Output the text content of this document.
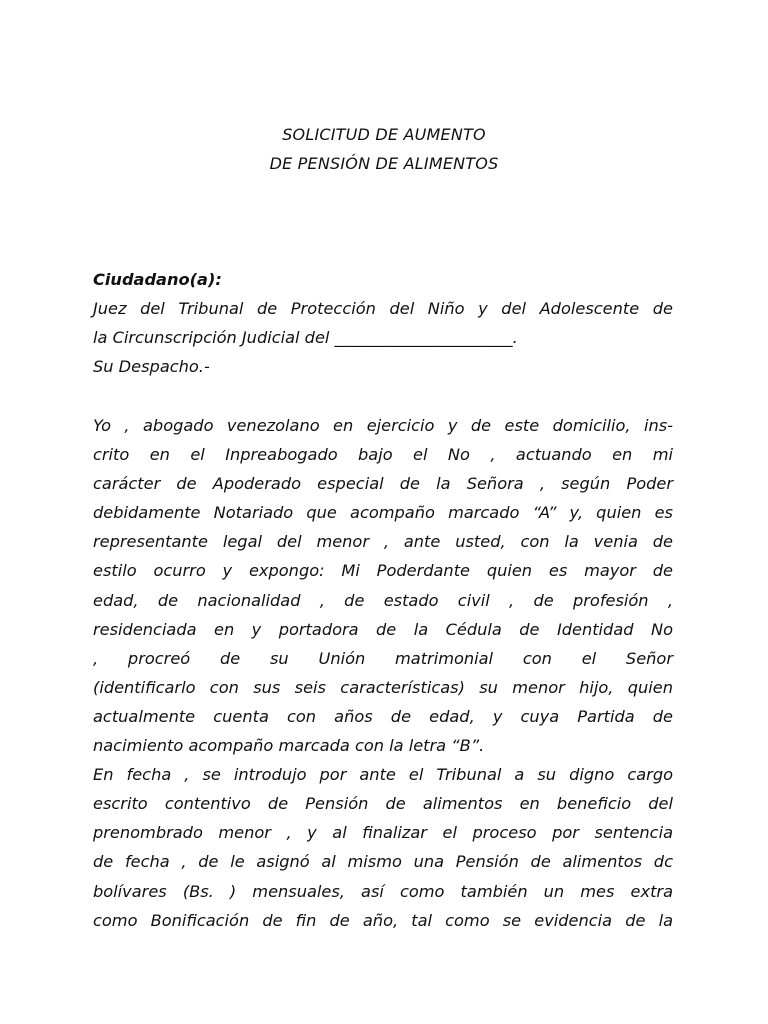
SOLICITUD DE AUMENTO
DE PENSIÓN DE ALIMENTOS
Ciudadano(a):
Juez del Tribunal de Protección del Niño y del Adolescente de
la Circunscripción Judicial del ______________________.
Su Despacho.-
Yo , abogado venezolano en ejercicio y de este domicilio, ins-
crito en el Inpreabogado bajo el No , actuando en mi
carácter de Apoderado especial de la Señora , según Poder
debidamente Notariado que acompaño marcado “A” y, quien es
representante legal del menor , ante usted, con la venia de
estilo ocurro y expongo: Mi Poderdante quien es mayor de
edad, de nacionalidad , de estado civil , de profesión ,
residenciada en y portadora de la Cédula de Identidad No
, procreó de su Unión matrimonial con el Señor
(identificarlo con sus seis características) su menor hijo, quien
actualmente cuenta con años de edad, y cuya Partida de
nacimiento acompaño marcada con la letra “B”.
En fecha , se introdujo por ante el Tribunal a su digno cargo
escrito contentivo de Pensión de alimentos en beneficio del
prenombrado menor , y al finalizar el proceso por sentencia
de fecha , de le asignó al mismo una Pensión de alimentos dc
bolívares (Bs. ) mensuales, así como también un mes extra
como Bonificación de fin de año, tal como se evidencia de la
